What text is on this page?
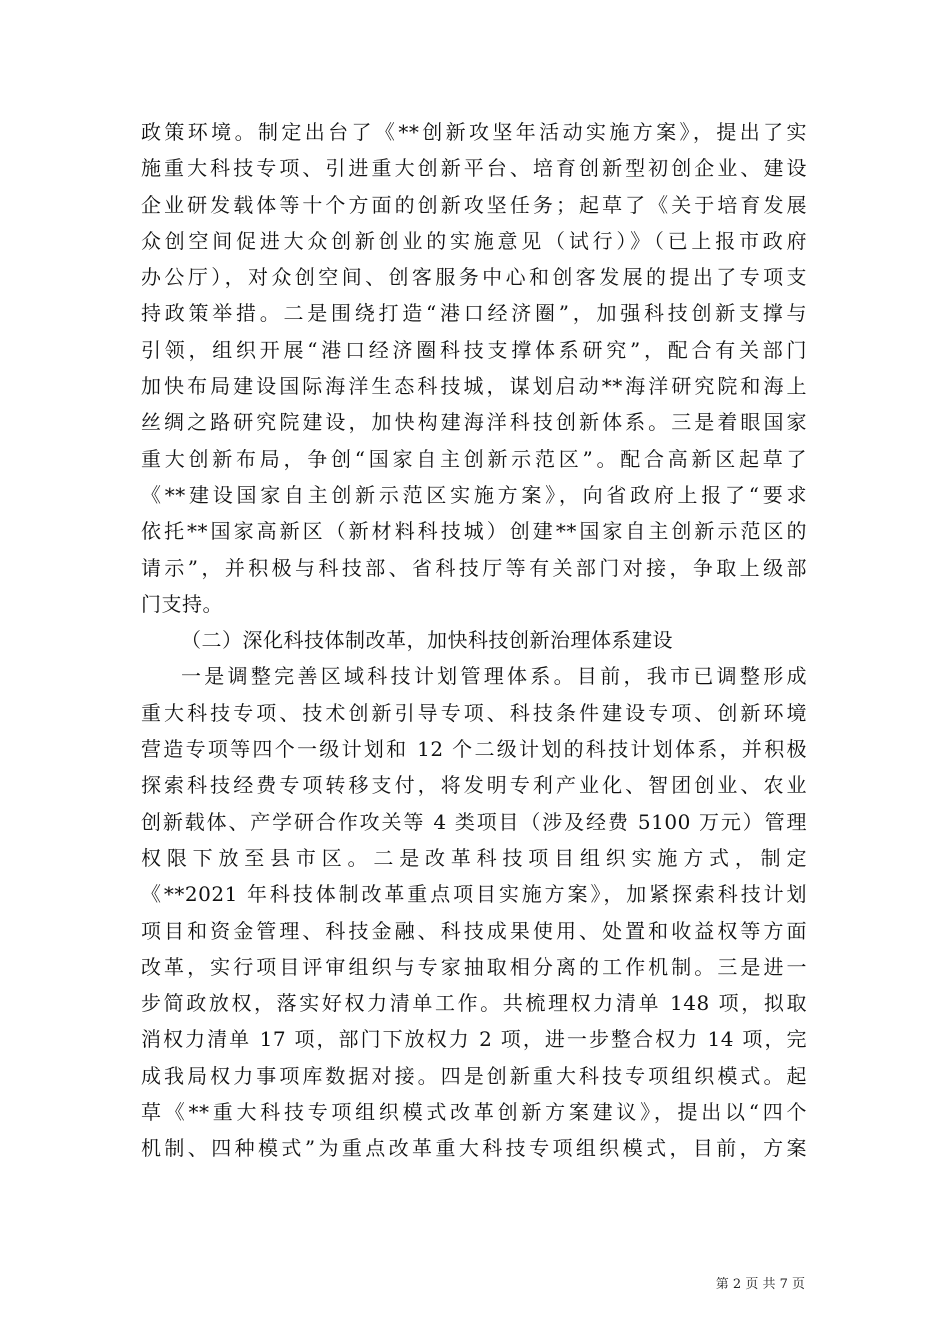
政策环境。制定出台了《**创新攻坚年活动实施方案》，提出了实
施重大科技专项、引进重大创新平台、培育创新型初创企业、建设
企业研发载体等十个方面的创新攻坚任务；起草了《关于培育发展
众创空间促进大众创新创业的实施意见（试行）》（已上报市政府
办公厅），对众创空间、创客服务中心和创客发展的提出了专项支
持政策举措。二是围绕打造“港口经济圈”，加强科技创新支撑与
引领，组织开展“港口经济圈科技支撑体系研究”，配合有关部门
加快布局建设国际海洋生态科技城，谋划启动**海洋研究院和海上
丝绸之路研究院建设，加快构建海洋科技创新体系。三是着眼国家
重大创新布局，争创“国家自主创新示范区”。配合高新区起草了
《**建设国家自主创新示范区实施方案》，向省政府上报了“要求
依托**国家高新区（新材料科技城）创建**国家自主创新示范区的
请示”，并积极与科技部、省科技厅等有关部门对接，争取上级部
门支持。
（二）深化科技体制改革，加快科技创新治理体系建设
一是调整完善区域科技计划管理体系。目前，我市已调整形成
重大科技专项、技术创新引导专项、科技条件建设专项、创新环境
营造专项等四个一级计划和 12 个二级计划的科技计划体系，并积极
探索科技经费专项转移支付，将发明专利产业化、智团创业、农业
创新载体、产学研合作攻关等 4 类项目（涉及经费 5100 万元）管理
权限下放至县市区。二是改革科技项目组织实施方式，制定
《**2021 年科技体制改革重点项目实施方案》，加紧探索科技计划
项目和资金管理、科技金融、科技成果使用、处置和收益权等方面
改革，实行项目评审组织与专家抽取相分离的工作机制。三是进一
步简政放权，落实好权力清单工作。共梳理权力清单 148 项，拟取
消权力清单 17 项，部门下放权力 2 项，进一步整合权力 14 项，完
成我局权力事项库数据对接。四是创新重大科技专项组织模式。起
草《**重大科技专项组织模式改革创新方案建议》，提出以“四个
机制、四种模式”为重点改革重大科技专项组织模式，目前，方案
第 2 页 共 7 页
